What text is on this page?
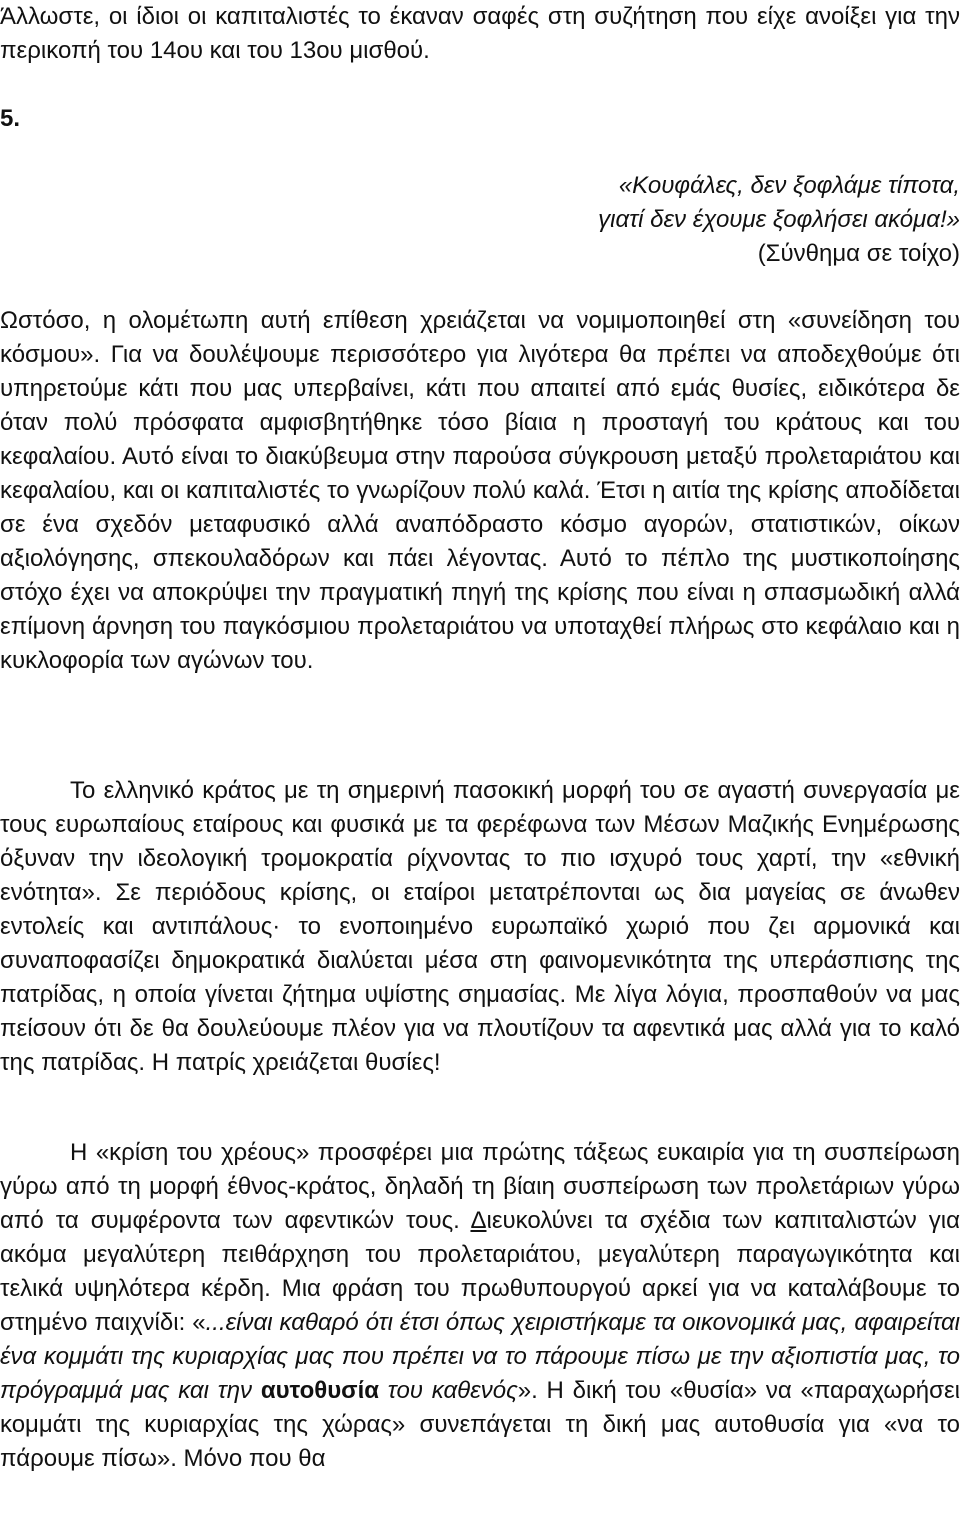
Άλλωστε, οι ίδιοι οι καπιταλιστές το έκαναν σαφές στη συζήτηση που είχε ανοίξει για την περικοπή του 14ου και του 13ου μισθού.

5.

«Κουφάλες, δεν ξοφλάμε τίποτα,
γιατί δεν έχουμε ξοφλήσει ακόμα!»
(Σύνθημα σε τοίχο)

Ωστόσο, η ολομέτωπη αυτή επίθεση χρειάζεται να νομιμοποιηθεί στη «συνείδηση του κόσμου». Για να δουλέψουμε περισσότερο για λιγότερα θα πρέπει να αποδεχθούμε ότι υπηρετούμε κάτι που μας υπερβαίνει, κάτι που απαιτεί από εμάς θυσίες, ειδικότερα δε όταν πολύ πρόσφατα αμφισβητήθηκε τόσο βίαια η προσταγή του κράτους και του κεφαλαίου. Αυτό είναι το διακύβευμα στην παρούσα σύγκρουση μεταξύ προλεταριάτου και κεφαλαίου, και οι καπιταλιστές το γνωρίζουν πολύ καλά. Έτσι η αιτία της κρίσης αποδίδεται σε ένα σχεδόν μεταφυσικό αλλά αναπόδραστο κόσμο αγορών, στατιστικών, οίκων αξιολόγησης, σπεκουλαδόρων και πάει λέγοντας. Αυτό το πέπλο της μυστικοποίησης στόχο έχει να αποκρύψει την πραγματική πηγή της κρίσης που είναι η σπασμωδική αλλά επίμονη άρνηση του παγκόσμιου προλεταριάτου να υποταχθεί πλήρως στο κεφάλαιο και η κυκλοφορία των αγώνων του.

Το ελληνικό κράτος με τη σημερινή πασοκική μορφή του σε αγαστή συνεργασία με τους ευρωπαίους εταίρους και φυσικά με τα φερέφωνα των Μέσων Μαζικής Ενημέρωσης όξυναν την ιδεολογική τρομοκρατία ρίχνοντας το πιο ισχυρό τους χαρτί, την «εθνική ενότητα». Σε περιόδους κρίσης, οι εταίροι μετατρέπονται ως δια μαγείας σε άνωθεν εντολείς και αντιπάλους· το ενοποιημένο ευρωπαϊκό χωριό που ζει αρμονικά και συναποφασίζει δημοκρατικά διαλύεται μέσα στη φαινομενικότητα της υπεράσπισης της πατρίδας, η οποία γίνεται ζήτημα υψίστης σημασίας. Με λίγα λόγια, προσπαθούν να μας πείσουν ότι δε θα δουλεύουμε πλέον για να πλουτίζουν τα αφεντικά μας αλλά για το καλό της πατρίδας. Η πατρίς χρειάζεται θυσίες!

Η «κρίση του χρέους» προσφέρει μια πρώτης τάξεως ευκαιρία για τη συσπείρωση γύρω από τη μορφή έθνος-κράτος, δηλαδή τη βίαιη συσπείρωση των προλετάριων γύρω από τα συμφέροντα των αφεντικών τους. Διευκολύνει τα σχέδια των καπιταλιστών για ακόμα μεγαλύτερη πειθάρχηση του προλεταριάτου, μεγαλύτερη παραγωγικότητα και τελικά υψηλότερα κέρδη. Μια φράση του πρωθυπουργού αρκεί για να καταλάβουμε το στημένο παιχνίδι: «...είναι καθαρό ότι έτσι όπως χειριστήκαμε τα οικονομικά μας, αφαιρείται ένα κομμάτι της κυριαρχίας μας που πρέπει να το πάρουμε πίσω με την αξιοπιστία μας, το πρόγραμμά μας και την αυτοθυσία του καθενός». Η δική του «θυσία» να «παραχωρήσει κομμάτι της κυριαρχίας της χώρας» συνεπάγεται τη δική μας αυτοθυσία για «να το πάρουμε πίσω». Μόνο που θα
